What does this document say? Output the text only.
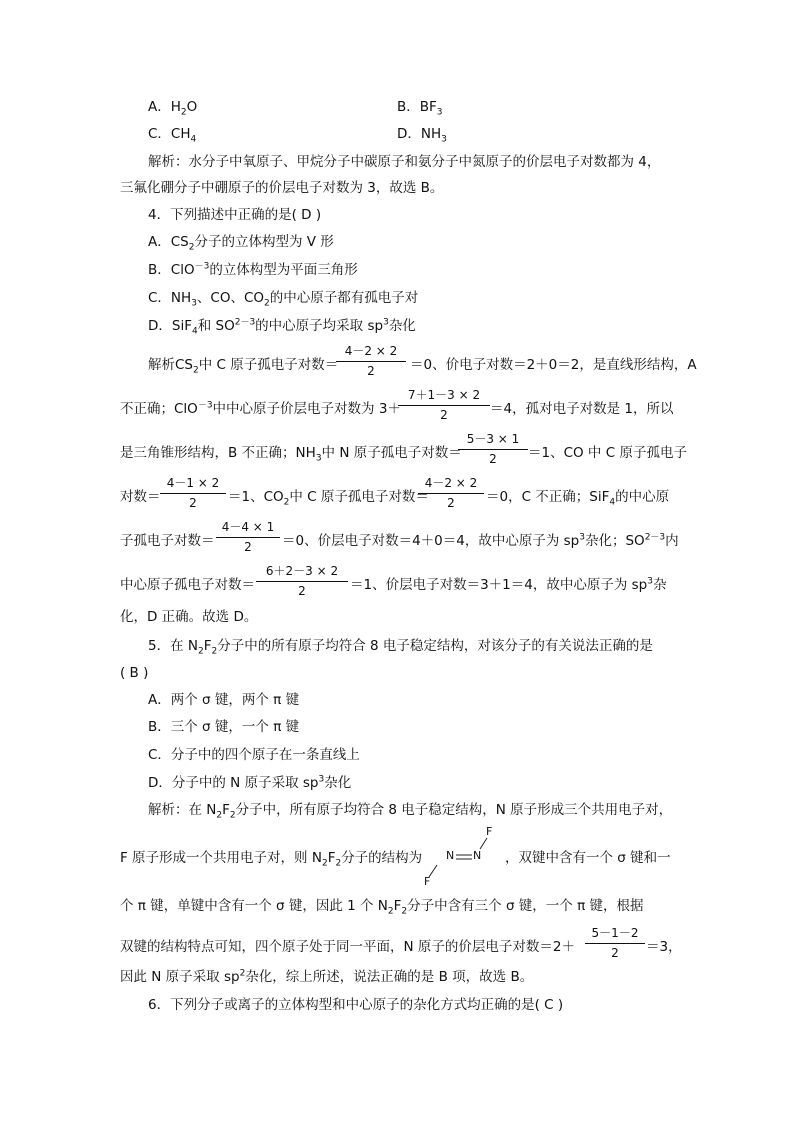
A．$H_2O$	B．$BF_3$
C．$CH_4$	D．$NH_3$
解析：水分子中氧原子、甲烷分子中碳原子和氨分子中氮原子的价层电子对数都为 4，
三氟化硼分子中硼原子的价层电子对数为 3，故选 B。
4．下列描述中正确的是( D )
A．$CS_2$分子的立体构型为 V 形
B．ClO$^{-3}$的立体构型为平面三角形
C．$NH_3$、CO、$CO_2$的中心原子都有孤电子对
D．SiF$_4$和 $SO^{2-3}$的中心原子均采取 $sp^3$杂化
解析$CS_2$中 C 原子孤电子对数＝
4－2 × 2
2	＝0、价电子对数＝2＋0＝2，是直线形结构，A
不正确；ClO$^{-3}$中中心原子价层电子对数为 3＋
7＋1－3 × 2
2	＝4，孤对电子对数是 1，所以
是三角锥形结构，B 不正确；$NH_3$中 N 原子孤电子对数＝
5－3 × 1
2	＝1、CO 中 C 原子孤电子
对数＝
4－1 × 2
2	＝1、$CO_2$中 C 原子孤电子对数＝
4－2 × 2
2	＝0，C 不正确；SiF$_4$的中心原
子孤电子对数＝
4－4 × 1
2	＝0、价层电子对数＝4＋0＝4，故中心原子为 $sp^3$杂化；$SO^{2-3}$内
中心原子孤电子对数＝
6＋2－3 × 2
2	＝1、价层电子对数＝3＋1＝4，故中心原子为 $sp^3$杂
化，D 正确。故选 D。
5．在 $N_2F_2$分子中的所有原子均符合 8 电子稳定结构，对该分子的有关说法正确的是
( B )
A．两个 σ 键，两个 π 键
B．三个 σ 键，一个 π 键
C．分子中的四个原子在一条直线上
D．分子中的 N 原子采取 $sp^3$杂化
解析：在 $N_2F_2$分子中，所有原子均符合 8 电子稳定结构，N 原子形成三个共用电子对，
F 原子形成一个共用电子对，则 $N_2F_2$分子的结构为
F
F
N N ，双键中含有一个 σ 键和一
个 π 键，单键中含有一个 σ 键，因此 1 个 $N_2F_2$分子中含有三个 σ 键，一个 π 键，根据
双键的结构特点可知，四个原子处于同一平面，N 原子的价层电子对数＝2＋
5－1－2
2	＝3，
因此 N 原子采取 $sp^2$杂化，综上所述，说法正确的是 B 项，故选 B。
6．下列分子或离子的立体构型和中心原子的杂化方式均正确的是( C )
